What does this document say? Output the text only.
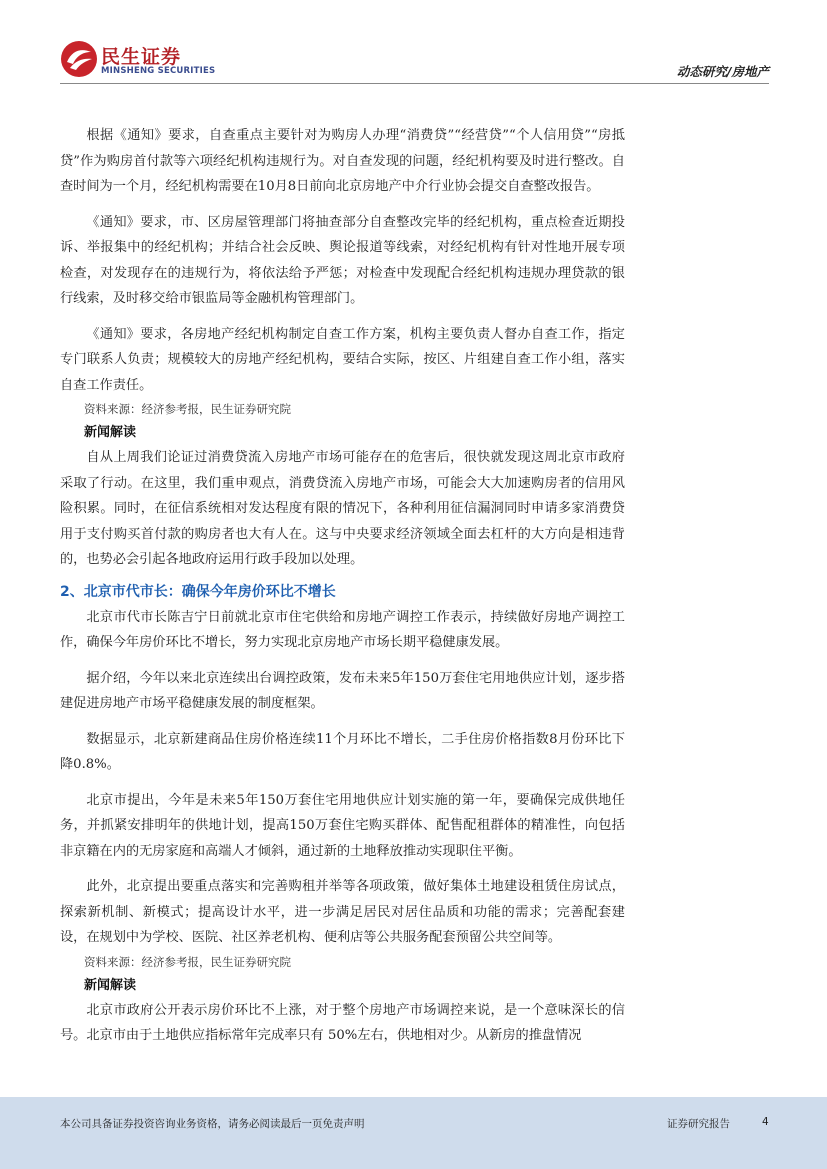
民生证券
MINSHENG SECURITIES	动态研究/房地产

根据《通知》要求，自查重点主要针对为购房人办理“消费贷”“经营贷”“个人信用贷”“房抵贷”作为购房首付款等六项经纪机构违规行为。对自查发现的问题，经纪机构要及时进行整改。自查时间为一个月，经纪机构需要在10月8日前向北京房地产中介行业协会提交自查整改报告。

《通知》要求，市、区房屋管理部门将抽查部分自查整改完毕的经纪机构，重点检查近期投诉、举报集中的经纪机构；并结合社会反映、舆论报道等线索，对经纪机构有针对性地开展专项检查，对发现存在的违规行为，将依法给予严惩；对检查中发现配合经纪机构违规办理贷款的银行线索，及时移交给市银监局等金融机构管理部门。

《通知》要求，各房地产经纪机构制定自查工作方案，机构主要负责人督办自查工作，指定专门联系人负责；规模较大的房地产经纪机构，要结合实际，按区、片组建自查工作小组，落实自查工作责任。

资料来源：经济参考报，民生证券研究院
新闻解读

自从上周我们论证过消费贷流入房地产市场可能存在的危害后，很快就发现这周北京市政府采取了行动。在这里，我们重申观点，消费贷流入房地产市场，可能会大大加速购房者的信用风险积累。同时，在征信系统相对发达程度有限的情况下，各种利用征信漏洞同时申请多家消费贷用于支付购买首付款的购房者也大有人在。这与中央要求经济领域全面去杠杆的大方向是相违背的，也势必会引起各地政府运用行政手段加以处理。

2、北京市代市长：确保今年房价环比不增长

北京市代市长陈吉宁日前就北京市住宅供给和房地产调控工作表示，持续做好房地产调控工作，确保今年房价环比不增长，努力实现北京房地产市场长期平稳健康发展。

据介绍，今年以来北京连续出台调控政策，发布未来5年150万套住宅用地供应计划，逐步搭建促进房地产市场平稳健康发展的制度框架。

数据显示，北京新建商品住房价格连续11个月环比不增长，二手住房价格指数8月份环比下降0.8%。

北京市提出，今年是未来5年150万套住宅用地供应计划实施的第一年，要确保完成供地任务，并抓紧安排明年的供地计划，提高150万套住宅购买群体、配售配租群体的精准性，向包括非京籍在内的无房家庭和高端人才倾斜，通过新的土地释放推动实现职住平衡。

此外，北京提出要重点落实和完善购租并举等各项政策，做好集体土地建设租赁住房试点，探索新机制、新模式；提高设计水平，进一步满足居民对居住品质和功能的需求；完善配套建设，在规划中为学校、医院、社区养老机构、便利店等公共服务配套预留公共空间等。

资料来源：经济参考报，民生证券研究院
新闻解读

北京市政府公开表示房价环比不上涨，对于整个房地产市场调控来说，是一个意味深长的信号。北京市由于土地供应指标常年完成率只有 50%左右，供地相对少。从新房的推盘情况

本公司具备证券投资咨询业务资格，请务必阅读最后一页免责声明	证券研究报告	4
